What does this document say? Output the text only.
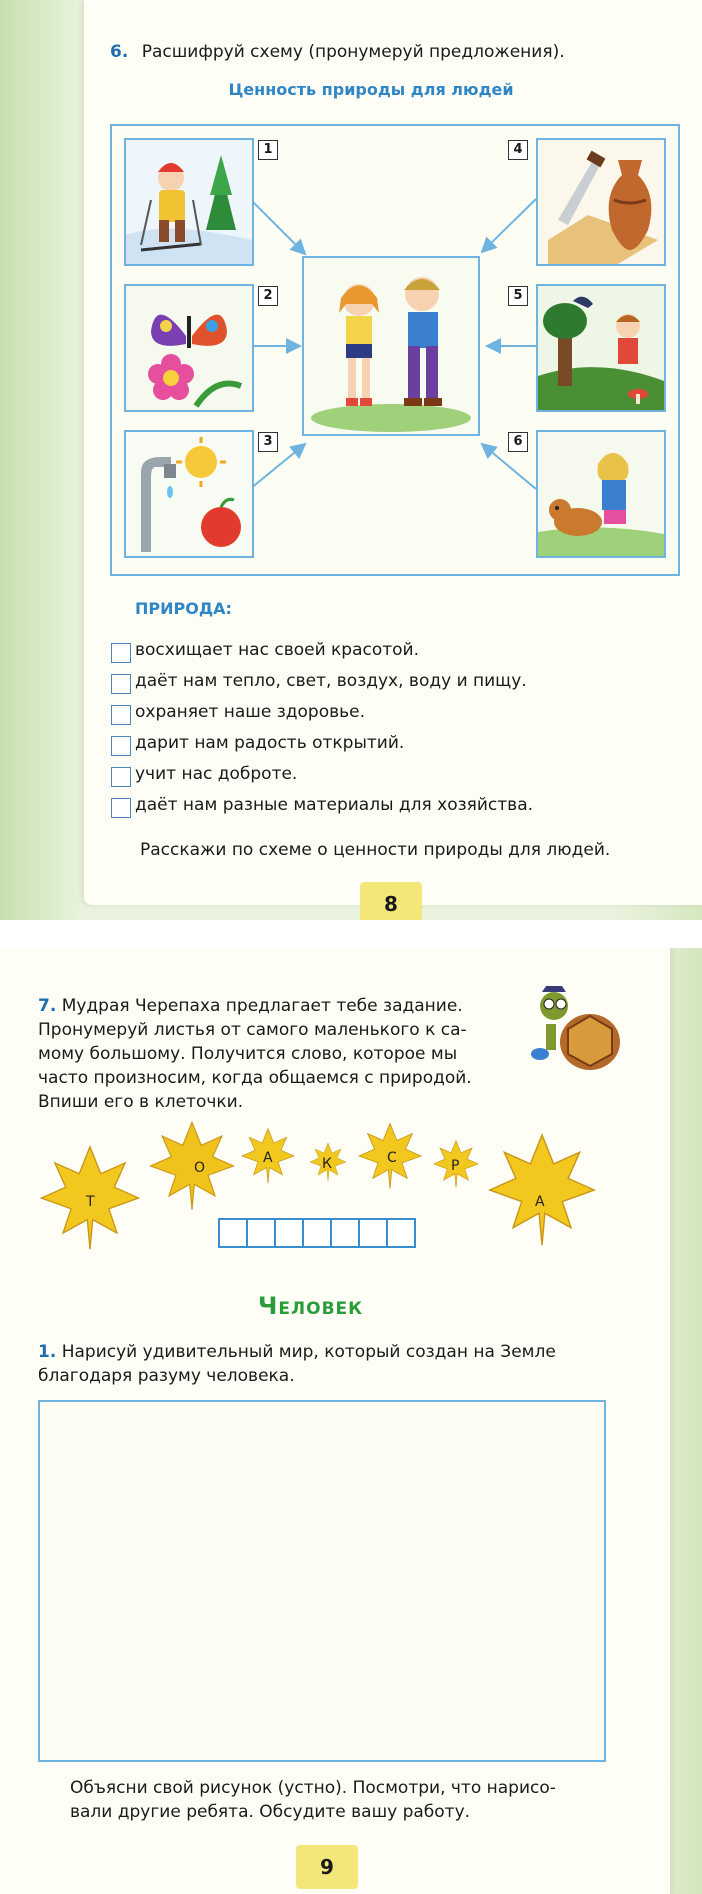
6. Расшифруй схему (пронумеруй предложения).
Ценность природы для людей
1
2
3
4
5
6
ПРИРОДА:
восхищает нас своей красотой.
даёт нам тепло, свет, воздух, воду и пищу.
охраняет наше здоровье.
дарит нам радость открытий.
учит нас доброте.
даёт нам разные материалы для хозяйства.
Расскажи по схеме о ценности природы для людей.
8
7. Мудрая Черепаха предлагает тебе задание.
Пронумеруй листья от самого маленького к са-
мому большому. Получится слово, которое мы
часто произносим, когда общаемся с природой.
Впиши его в клеточки.
Т
О
А	К	С	Р
А
Человек
1. Нарисуй удивительный мир, который создан на Земле
благодаря разуму человека.
Объясни свой рисунок (устно). Посмотри, что нарисо-
вали другие ребята. Обсудите вашу работу.
9
